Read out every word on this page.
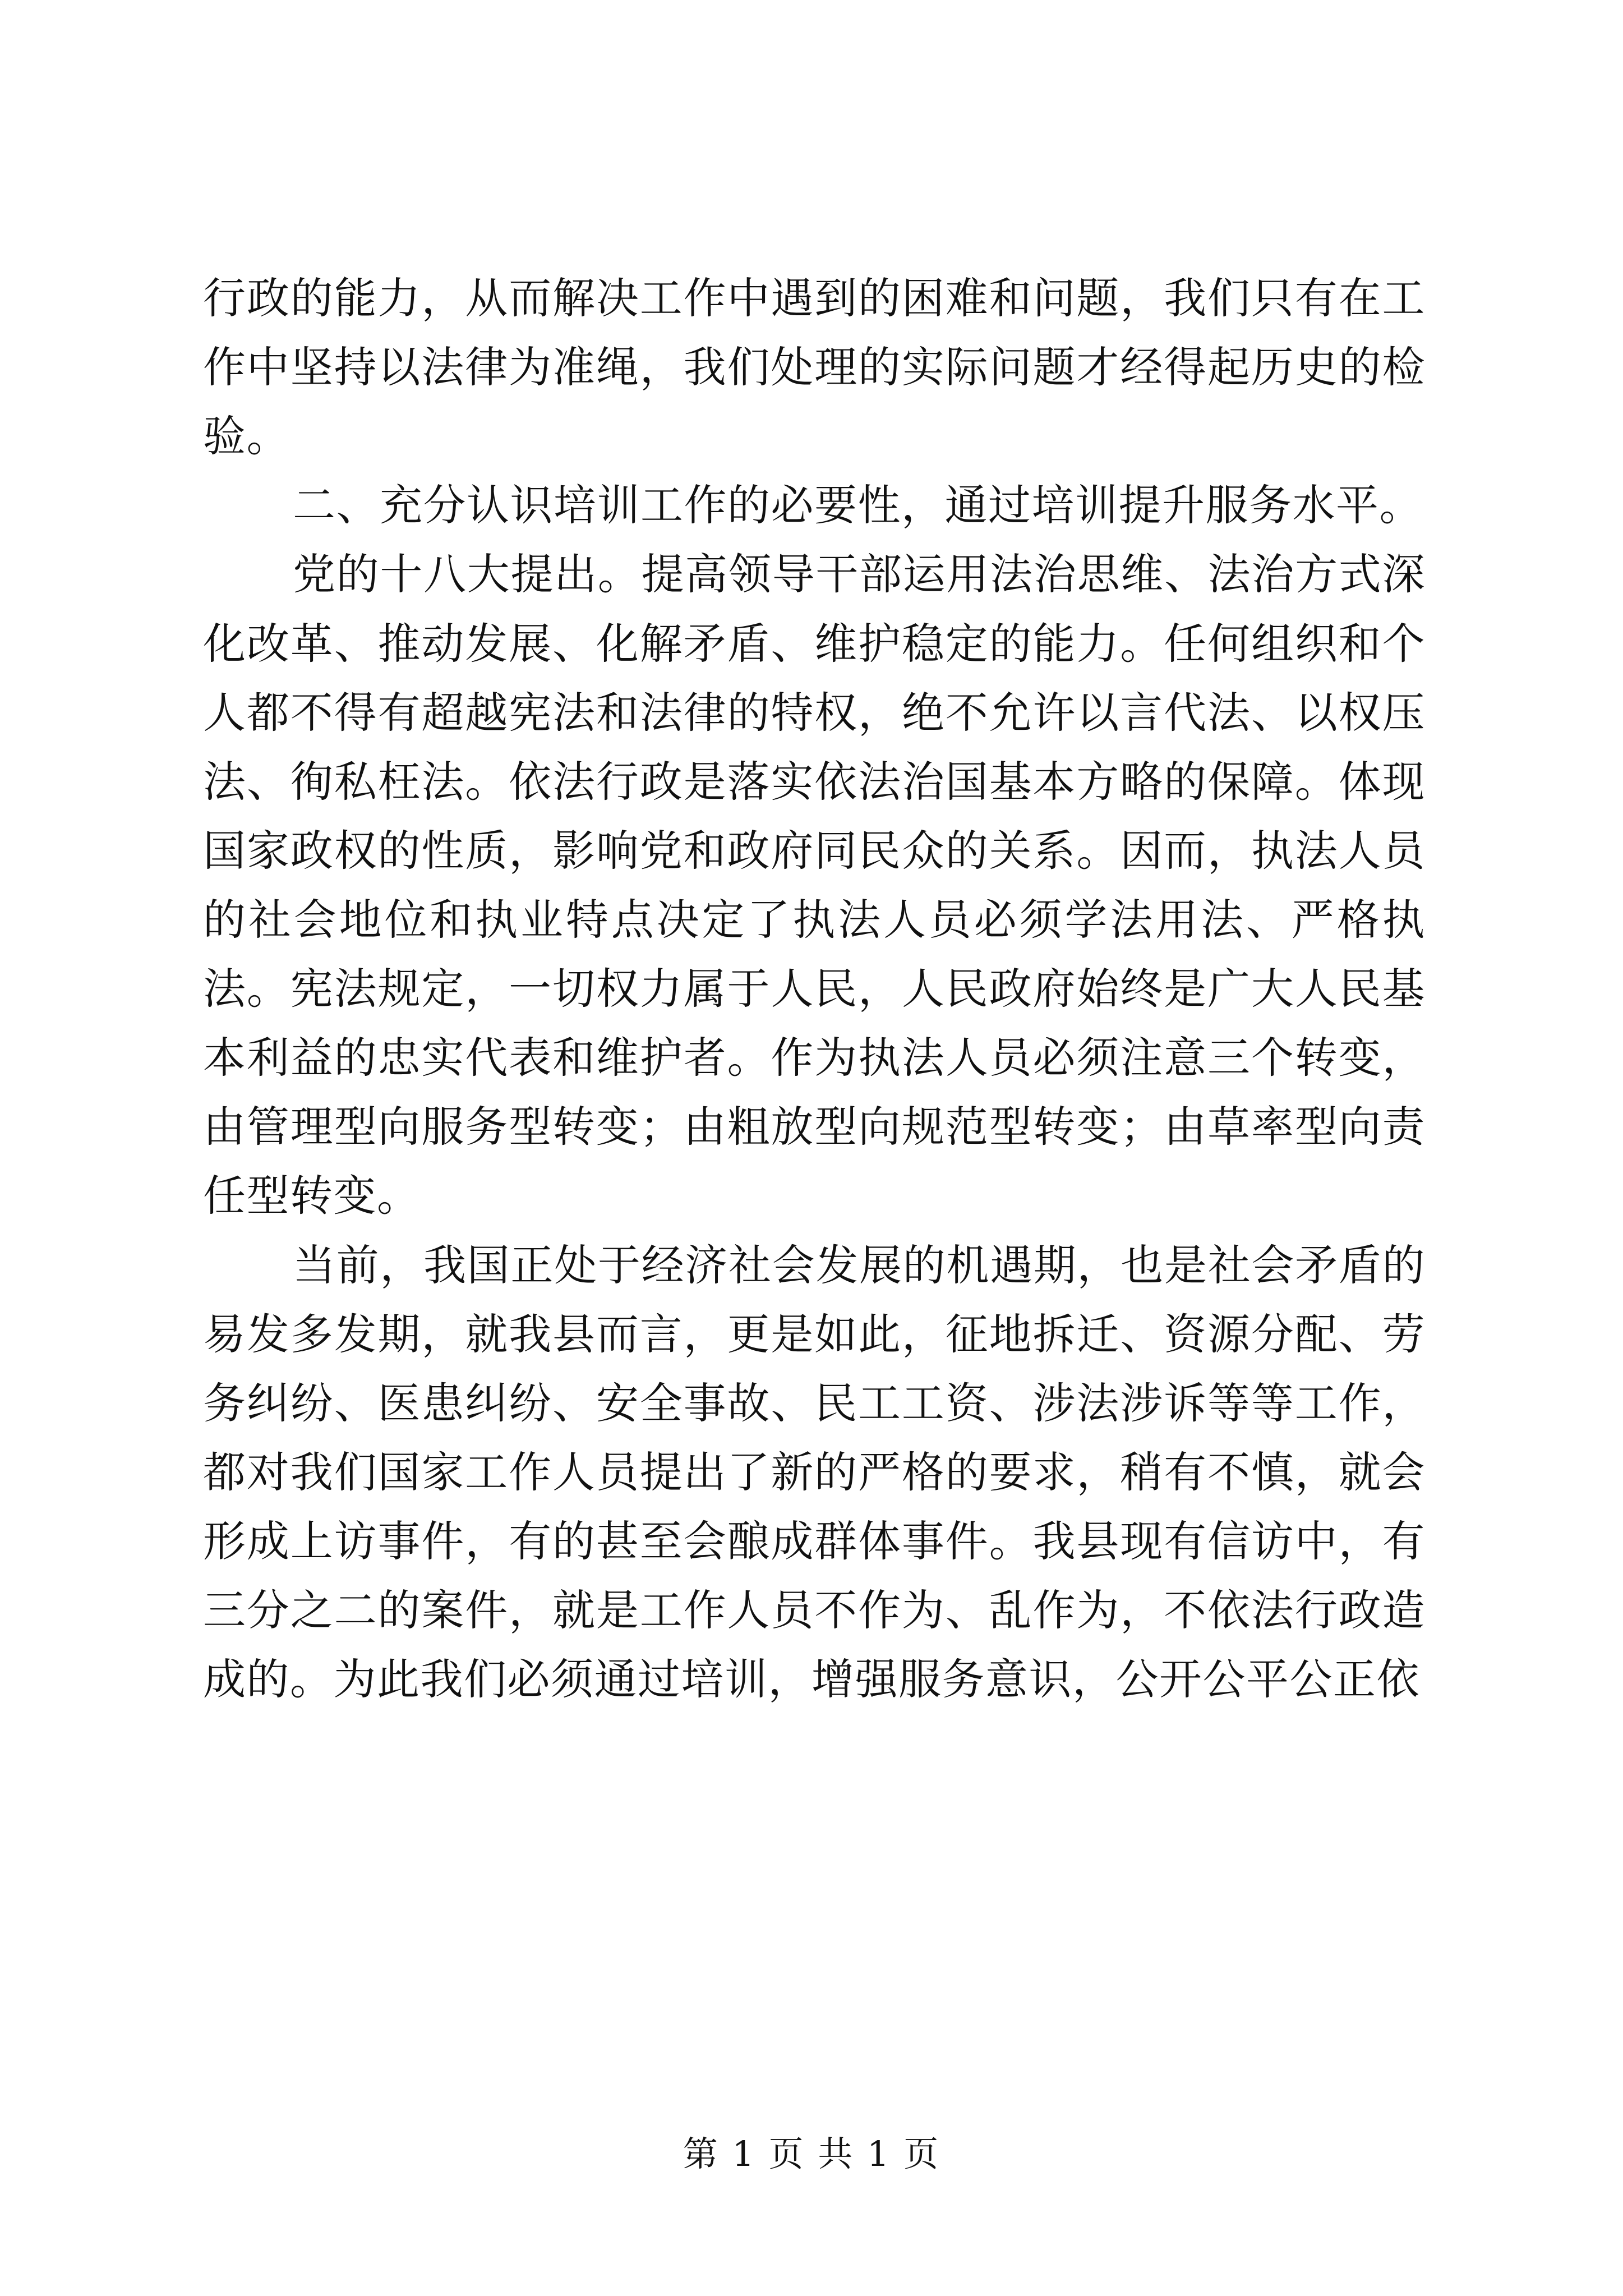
行政的能力，从而解决工作中遇到的困难和问题，我们只有在工作中坚持以法律为准绳，我们处理的实际问题才经得起历史的检验。

二、充分认识培训工作的必要性，通过培训提升服务水平。

党的十八大提出。提高领导干部运用法治思维、法治方式深化改革、推动发展、化解矛盾、维护稳定的能力。任何组织和个人都不得有超越宪法和法律的特权，绝不允许以言代法、以权压法、徇私枉法。依法行政是落实依法治国基本方略的保障。体现国家政权的性质，影响党和政府同民众的关系。因而，执法人员的社会地位和执业特点决定了执法人员必须学法用法、严格执法。宪法规定，一切权力属于人民，人民政府始终是广大人民基本利益的忠实代表和维护者。作为执法人员必须注意三个转变，由管理型向服务型转变；由粗放型向规范型转变；由草率型向责任型转变。

当前，我国正处于经济社会发展的机遇期，也是社会矛盾的易发多发期，就我县而言，更是如此，征地拆迁、资源分配、劳务纠纷、医患纠纷、安全事故、民工工资、涉法涉诉等等工作，都对我们国家工作人员提出了新的严格的要求，稍有不慎，就会形成上访事件，有的甚至会酿成群体事件。我县现有信访中，有三分之二的案件，就是工作人员不作为、乱作为，不依法行政造成的。为此我们必须通过培训，增强服务意识，公开公平公正依

第 1 页 共 1 页
